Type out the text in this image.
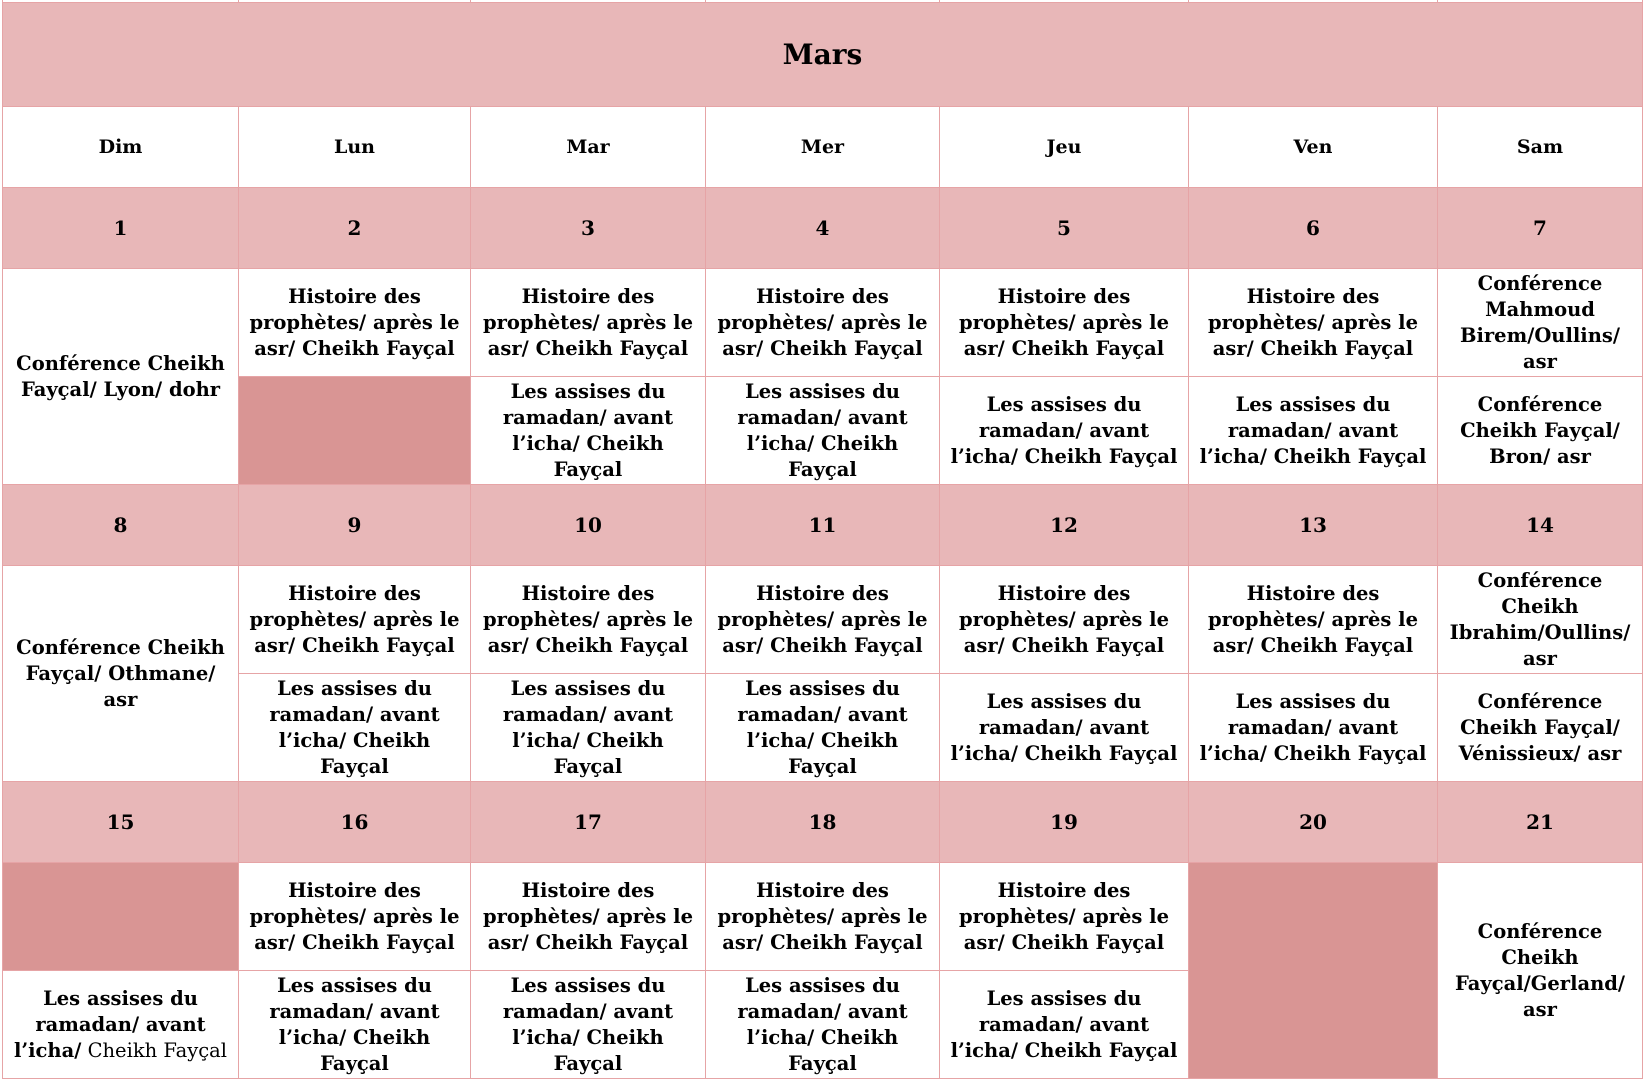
Mars						
Dim	Lun	Mar	Mer	Jeu	Ven	Sam
1	2	3	4	5	6	7
Conférence Cheikh Fayçal/ Lyon/ dohr	Histoire des prophètes/ après le asr/ Cheikh Fayçal	Histoire des prophètes/ après le asr/ Cheikh Fayçal	Histoire des prophètes/ après le asr/ Cheikh Fayçal	Histoire des prophètes/ après le asr/ Cheikh Fayçal	Histoire des prophètes/ après le asr/ Cheikh Fayçal	Conférence Mahmoud Birem/Oullins/ asr
		Les assises du ramadan/ avant l’icha/ Cheikh Fayçal	Les assises du ramadan/ avant l’icha/ Cheikh Fayçal	Les assises du ramadan/ avant l’icha/ Cheikh Fayçal	Les assises du ramadan/ avant l’icha/ Cheikh Fayçal	Conférence Cheikh Fayçal/ Bron/ asr
8	9	10	11	12	13	14
Conférence Cheikh Fayçal/ Othmane/ asr	Histoire des prophètes/ après le asr/ Cheikh Fayçal	Histoire des prophètes/ après le asr/ Cheikh Fayçal	Histoire des prophètes/ après le asr/ Cheikh Fayçal	Histoire des prophètes/ après le asr/ Cheikh Fayçal	Histoire des prophètes/ après le asr/ Cheikh Fayçal	Conférence Cheikh Ibrahim/Oullins/ asr
	Les assises du ramadan/ avant l’icha/ Cheikh Fayçal	Les assises du ramadan/ avant l’icha/ Cheikh Fayçal	Les assises du ramadan/ avant l’icha/ Cheikh Fayçal	Les assises du ramadan/ avant l’icha/ Cheikh Fayçal	Les assises du ramadan/ avant l’icha/ Cheikh Fayçal	Conférence Cheikh Fayçal/ Vénissieux/ asr
15	16	17	18	19	20	21
	Histoire des prophètes/ après le asr/ Cheikh Fayçal	Histoire des prophètes/ après le asr/ Cheikh Fayçal	Histoire des prophètes/ après le asr/ Cheikh Fayçal	Histoire des prophètes/ après le asr/ Cheikh Fayçal		Conférence Cheikh Fayçal/Gerland/ asr
Les assises du ramadan/ avant l’icha/ Cheikh Fayçal	Les assises du ramadan/ avant l’icha/ Cheikh Fayçal	Les assises du ramadan/ avant l’icha/ Cheikh Fayçal	Les assises du ramadan/ avant l’icha/ Cheikh Fayçal	Les assises du ramadan/ avant l’icha/ Cheikh Fayçal		
